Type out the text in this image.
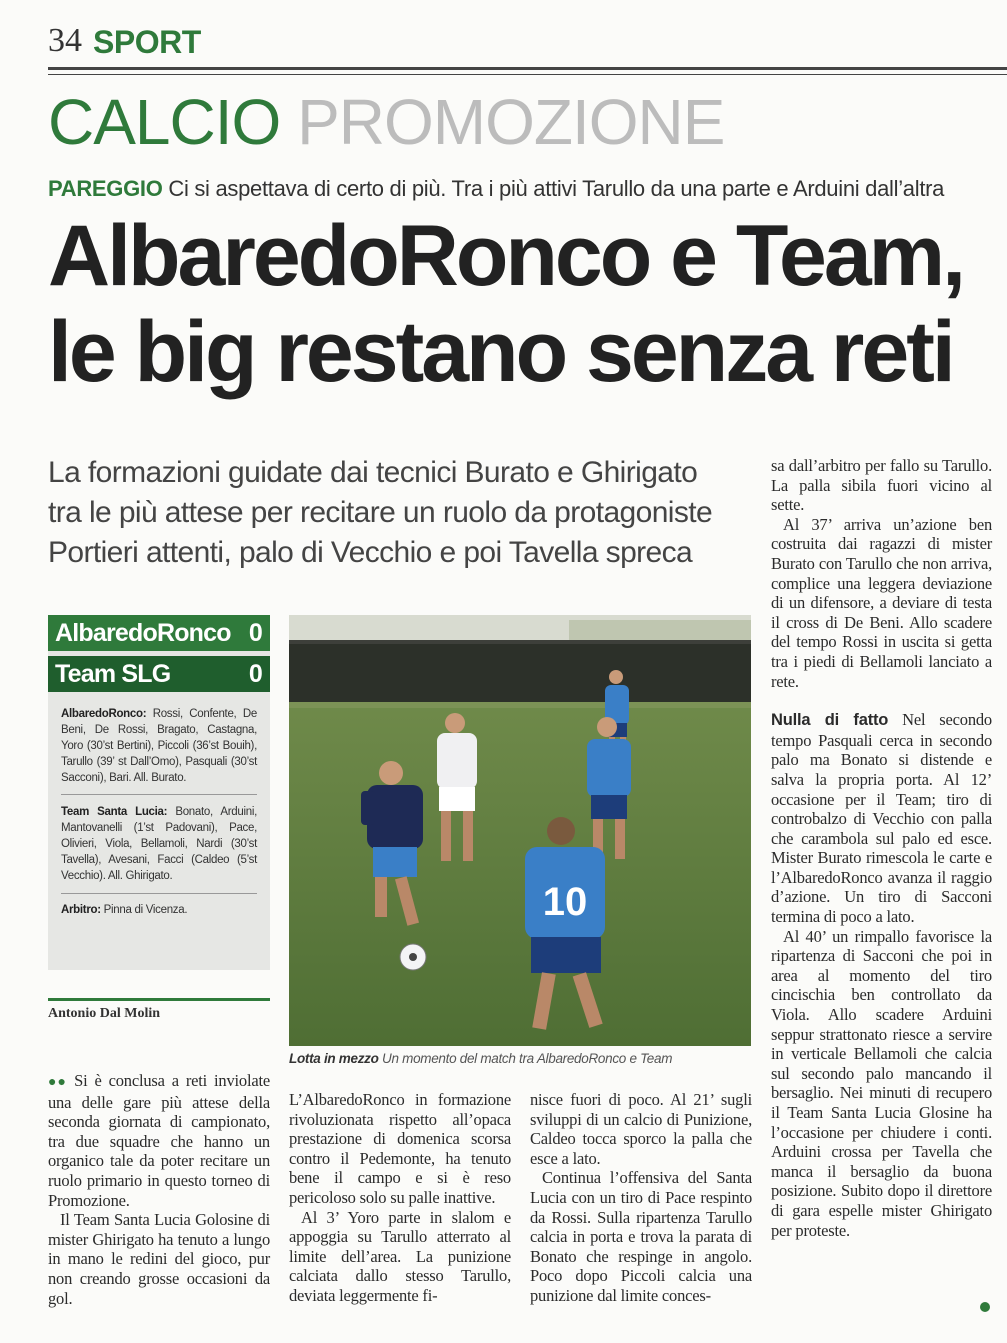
34 SPORT
CALCIO PROMOZIONE
PAREGGIO Ci si aspettava di certo di più. Tra i più attivi Tarullo da una parte e Arduini dall’altra
AlbaredoRonco e Team,
le big restano senza reti
La formazioni guidate dai tecnici Burato e Ghirigato
tra le più attese per recitare un ruolo da protagoniste
Portieri attenti, palo di Vecchio e poi Tavella spreca
AlbaredoRonco 0
Team SLG	0
AlbaredoRonco: Rossi, Confente, De Beni, De Rossi, Bragato, Castagna, Yoro (30’st Bertini), Piccoli (36’st Bouih), Tarullo (39’ st Dall’Omo), Pasquali (30’st Sacconi), Bari. All. Burato.
Team Santa Lucia: Bonato, Arduini, Mantovanelli (1’st Padovani), Pace, Olivieri, Viola, Bellamoli, Nardi (30’st Tavella), Avesani, Facci (Caldeo (5’st Vecchio). All. Ghirigato.
Arbitro: Pinna di Vicenza.
Antonio Dal Molin
10
Lotta in mezzo Un momento del match tra AlbaredoRonco e Team

●● Si è conclusa a reti inviolate una delle gare più attese della seconda giornata di campionato, tra due squadre che hanno un organico tale da poter recitare un ruolo primario in questo torneo di Promozione.

Il Team Santa Lucia Golosine di mister Ghirigato ha tenuto a lungo in mano le redini del gioco, pur non creando grosse occasioni da gol.

L’AlbaredoRonco in formazione rivoluzionata rispetto all’opaca prestazione di domenica scorsa contro il Pedemonte, ha tenuto bene il campo e si è reso pericoloso solo su palle inattive.

Al 3’ Yoro parte in slalom e appoggia su Tarullo atterrato al limite dell’area. La punizione calciata dallo stesso Tarullo, deviata leggermente fi-

nisce fuori di poco. Al 21’ sugli sviluppi di un calcio di Punizione, Caldeo tocca sporco la palla che esce a lato.

Continua l’offensiva del Santa Lucia con un tiro di Pace respinto da Rossi. Sulla ripartenza Tarullo calcia in porta e trova la parata di Bonato che respinge in angolo. Poco dopo Piccoli calcia una punizione dal limite conces-

sa dall’arbitro per fallo su Tarullo. La palla sibila fuori vicino al sette.

Al 37’ arriva un’azione ben costruita dai ragazzi di mister Burato con Tarullo che non arriva, complice una leggera deviazione di un difensore, a deviare di testa il cross di De Beni. Allo scadere del tempo Rossi in uscita si getta tra i piedi di Bellamoli lanciato a rete.

Nulla di fatto Nel secondo tempo Pasquali cerca in secondo palo ma Bonato si distende e salva la propria porta. Al 12’ occasione per il Team; tiro di controbalzo di Vecchio con palla che carambola sul palo ed esce. Mister Burato rimescola le carte e l’AlbaredoRonco avanza il raggio d’azione. Un tiro di Sacconi termina di poco a lato.

Al 40’ un rimpallo favorisce la ripartenza di Sacconi che poi in area al momento del tiro cincischia ben controllato da Viola. Allo scadere Arduini seppur strattonato riesce a servire in verticale Bellamoli che calcia sul secondo palo mancando il bersaglio. Nei minuti di recupero il Team Santa Lucia Glosine ha l’occasione per chiudere i conti. Arduini crossa per Tavella che manca il bersaglio da buona posizione. Subito dopo il direttore di gara espelle mister Ghirigato per proteste.
